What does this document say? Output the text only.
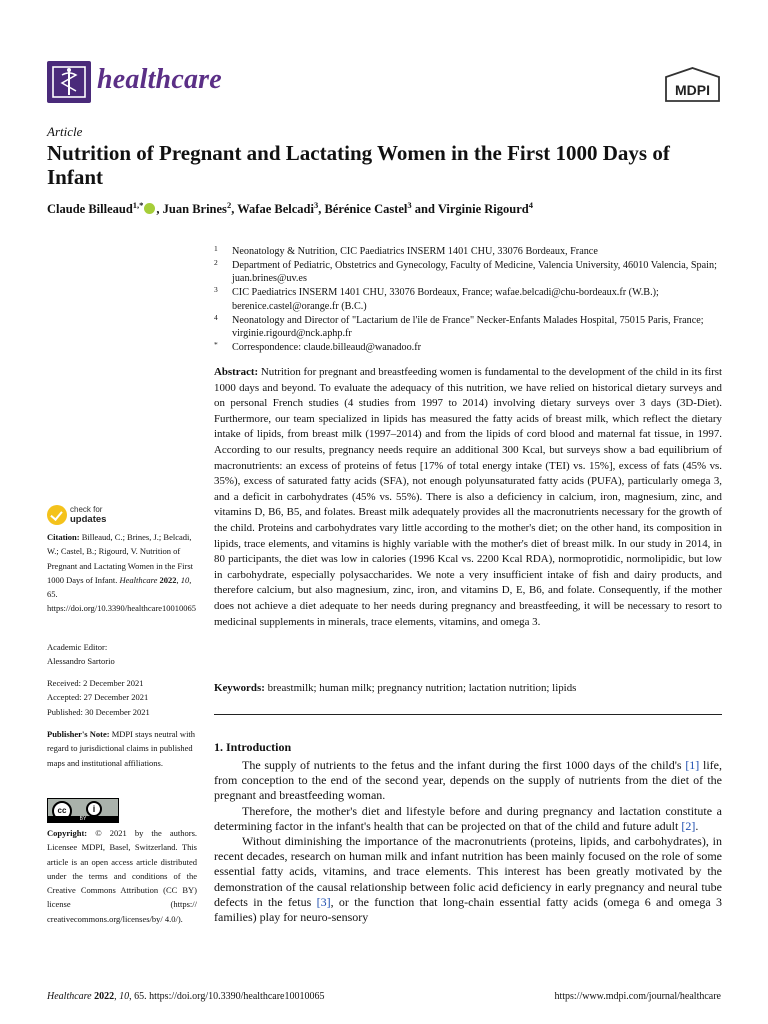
healthcare	MDPI
Article
Nutrition of Pregnant and Lactating Women in the First 1000 Days of Infant
Claude Billeaud$^{1,*}$ , Juan Brines$^2$, Wafae Belcadi$^3$, Bérénice Castel$^3$ and Virginie Rigourd$^4$
1 Neonatology & Nutrition, CIC Paediatrics INSERM 1401 CHU, 33076 Bordeaux, France
2 Department of Pediatric, Obstetrics and Gynecology, Faculty of Medicine, Valencia University, 46010 Valencia, Spain; juan.brines@uv.es
3 CIC Paediatrics INSERM 1401 CHU, 33076 Bordeaux, France; wafae.belcadi@chu-bordeaux.fr (W.B.); berenice.castel@orange.fr (B.C.)
4 Neonatology and Director of "Lactarium de l'ile de France" Necker-Enfants Malades Hospital, 75015 Paris, France; virginie.rigourd@nck.aphp.fr
* Correspondence: claude.billeaud@wanadoo.fr
Abstract: Nutrition for pregnant and breastfeeding women is fundamental to the development of the child in its first 1000 days and beyond. To evaluate the adequacy of this nutrition, we have relied on historical dietary surveys and on personal French studies (4 studies from 1997 to 2014) involving dietary surveys over 3 days (3D-Diet). Furthermore, our team specialized in lipids has measured the fatty acids of breast milk, which reflect the dietary intake of lipids, from breast milk (1997–2014) and from the lipids of cord blood and maternal fat tissue, in 1997. According to our results, pregnancy needs require an additional 300 Kcal, but surveys show a bad equilibrium of macronutrients: an excess of proteins of fetus [17% of total energy intake (TEI) vs. 15%], excess of fats (45% vs. 35%), excess of saturated fatty acids (SFA), not enough polyunsaturated fatty acids (PUFA), particularly omega 3, and a deficit in carbohydrates (45% vs. 55%). There is also a deficiency in calcium, iron, magnesium, zinc, and vitamins D, B6, B5, and folates. Breast milk adequately provides all the macronutrients necessary for the growth of the child. Proteins and carbohydrates vary little according to the mother's diet; on the other hand, its composition in lipids, trace elements, and vitamins is highly variable with the mother's diet of breast milk. In our study in 2014, in 80 participants, the diet was low in calories (1996 Kcal vs. 2200 Kcal RDA), normoprotidic, normolipidic, but low in carbohydrate, especially polysaccharides. We note a very insufficient intake of fish and dairy products, and therefore calcium, but also magnesium, zinc, iron, and vitamins D, E, B6, and folate. Consequently, if the mother does not achieve a diet adequate to her needs during pregnancy and breastfeeding, it will be necessary to resort to medicinal supplements in minerals, trace elements, vitamins, and omega 3.
Keywords: breastmilk; human milk; pregnancy nutrition; lactation nutrition; lipids
1. Introduction

The supply of nutrients to the fetus and the infant during the first 1000 days of the child's [1] life, from conception to the end of the second year, depends on the supply of nutrients from the diet of the pregnant and breastfeeding woman.

Therefore, the mother's diet and lifestyle before and during pregnancy and lactation constitute a determining factor in the infant's health that can be projected on that of the child and future adult [2].

Without diminishing the importance of the macronutrients (proteins, lipids, and carbohydrates), in recent decades, research on human milk and infant nutrition has been mainly focused on the role of some essential fatty acids, vitamins, and trace elements. This interest has been greatly motivated by the demonstration of the causal relationship between folic acid deficiency in early pregnancy and neural tube defects in the fetus [3], or the function that long-chain essential fatty acids (omega 6 and omega 3 families) play for neuro-sensory

check for
updates
Citation: Billeaud, C.; Brines, J.; Belcadi, W.; Castel, B.; Rigourd, V. Nutrition of Pregnant and Lactating Women in the First 1000 Days of Infant. Healthcare 2022, 10, 65. https://doi.org/10.3390/healthcare10010065
Academic Editor:
Alessandro Sartorio
Received: 2 December 2021
Accepted: 27 December 2021
Published: 30 December 2021
Publisher's Note: MDPI stays neutral with regard to jurisdictional claims in published maps and institutional affiliations.
cc	i
BY
Copyright: © 2021 by the authors. Licensee MDPI, Basel, Switzerland. This article is an open access article distributed under the terms and conditions of the Creative Commons Attribution (CC BY) license (https:// creativecommons.org/licenses/by/ 4.0/).
Healthcare 2022, 10, 65. https://doi.org/10.3390/healthcare10010065	https://www.mdpi.com/journal/healthcare
